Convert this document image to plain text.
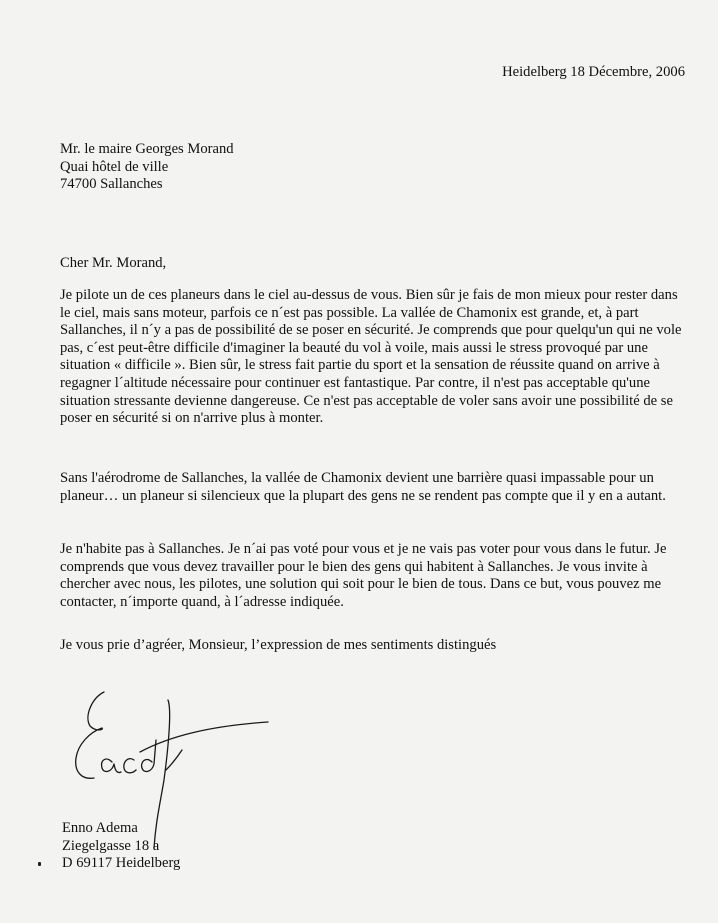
Heidelberg 18 Décembre, 2006
Mr. le maire Georges Morand
Quai hôtel de ville
74700 Sallanches
Cher Mr. Morand,

Je pilote un de ces planeurs dans le ciel au-dessus de vous. Bien sûr je fais de mon mieux pour rester dans le ciel, mais sans moteur, parfois ce n´est pas possible. La vallée de Chamonix est grande, et, à part Sallanches, il n´y a pas de possibilité de se poser en sécurité. Je comprends que pour quelqu'un qui ne vole pas, c´est peut-être difficile d'imaginer la beauté du vol à voile, mais aussi le stress provoqué par une situation « difficile ». Bien sûr, le stress fait partie du sport et la sensation de réussite quand on arrive à regagner l´altitude nécessaire pour continuer est fantastique. Par contre, il n'est pas acceptable qu'une situation stressante devienne dangereuse. Ce n'est pas acceptable de voler sans avoir une possibilité de se poser en sécurité si on n'arrive plus à monter.

Sans l'aérodrome de Sallanches, la vallée de Chamonix devient une barrière quasi impassable pour un planeur… un planeur si silencieux que la plupart des gens ne se rendent pas compte que il y en a autant.

Je n'habite pas à Sallanches. Je n´ai pas voté pour vous et je ne vais pas voter pour vous dans le futur. Je comprends que vous devez travailler pour le bien des gens qui habitent à Sallanches. Je vous invite à chercher avec nous, les pilotes, une solution qui soit pour le bien de tous. Dans ce but, vous pouvez me contacter, n´importe quand, à l´adresse indiquée.

Je vous prie d’agréer, Monsieur, l’expression de mes sentiments distingués
Enno Adema
Ziegelgasse 18 a
D 69117 Heidelberg
